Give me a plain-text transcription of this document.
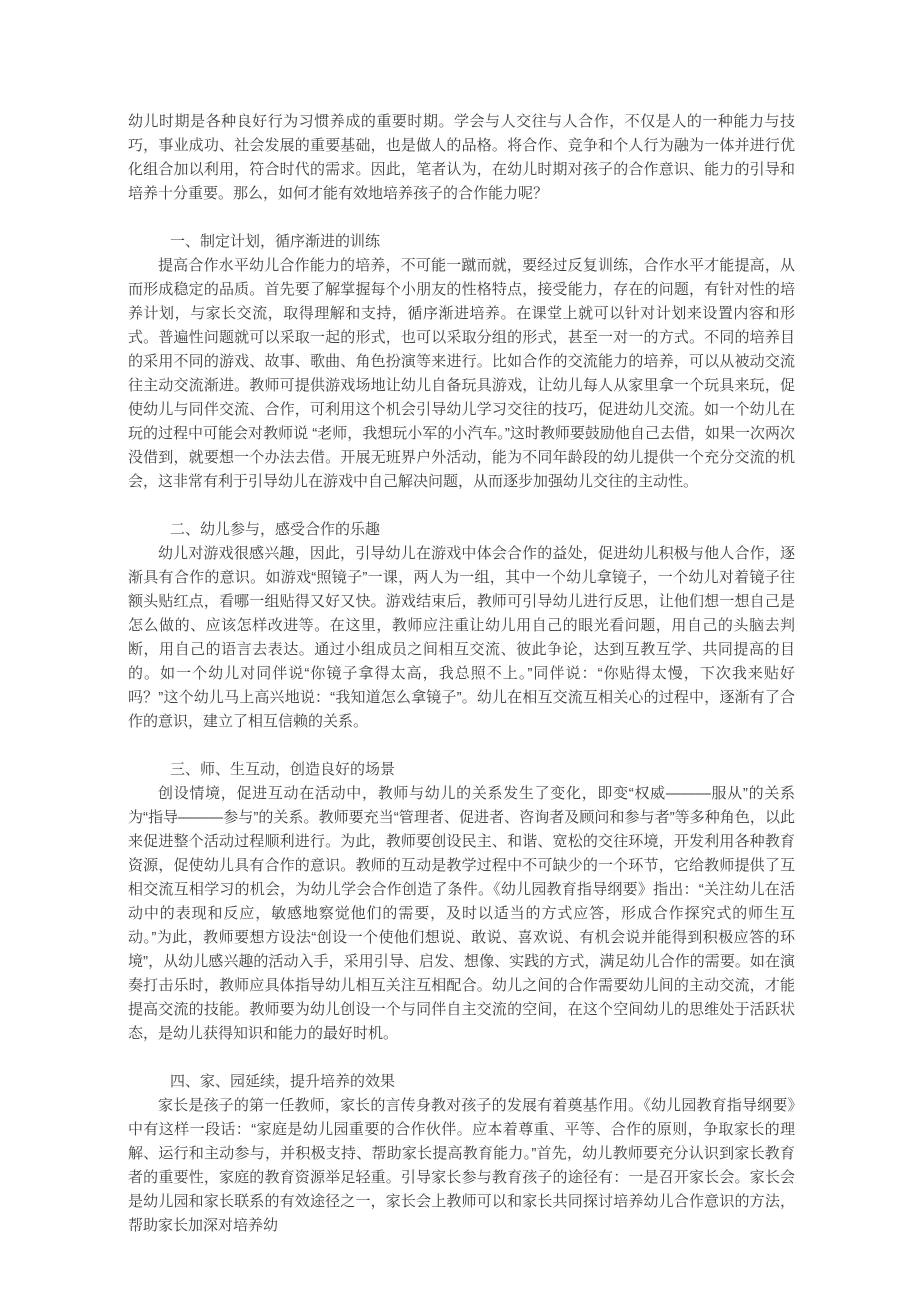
幼儿时期是各种良好行为习惯养成的重要时期。学会与人交往与人合作，不仅是人的一种能力与技巧，事业成功、社会发展的重要基础，也是做人的品格。将合作、竞争和个人行为融为一体并进行优化组合加以利用，符合时代的需求。因此，笔者认为，在幼儿时期对孩子的合作意识、能力的引导和培养十分重要。那么，如何才能有效地培养孩子的合作能力呢？

一、制定计划，循序渐进的训练

提高合作水平幼儿合作能力的培养，不可能一蹴而就，要经过反复训练，合作水平才能提高，从而形成稳定的品质。首先要了解掌握每个小朋友的性格特点，接受能力，存在的问题，有针对性的培养计划，与家长交流，取得理解和支持，循序渐进培养。在课堂上就可以针对计划来设置内容和形式。普遍性问题就可以采取一起的形式，也可以采取分组的形式，甚至一对一的方式。不同的培养目的采用不同的游戏、故事、歌曲、角色扮演等来进行。比如合作的交流能力的培养，可以从被动交流往主动交流渐进。教师可提供游戏场地让幼儿自备玩具游戏，让幼儿每人从家里拿一个玩具来玩，促使幼儿与同伴交流、合作，可利用这个机会引导幼儿学习交往的技巧，促进幼儿交流。如一个幼儿在玩的过程中可能会对教师说 “老师，我想玩小军的小汽车。”这时教师要鼓励他自己去借，如果一次两次没借到，就要想一个办法去借。开展无班界户外活动，能为不同年龄段的幼儿提供一个充分交流的机会，这非常有利于引导幼儿在游戏中自己解决问题，从而逐步加强幼儿交往的主动性。

二、幼儿参与，感受合作的乐趣

幼儿对游戏很感兴趣，因此，引导幼儿在游戏中体会合作的益处，促进幼儿积极与他人合作，逐渐具有合作的意识。如游戏“照镜子”一课，两人为一组，其中一个幼儿拿镜子，一个幼儿对着镜子往额头贴红点，看哪一组贴得又好又快。游戏结束后，教师可引导幼儿进行反思，让他们想一想自己是怎么做的、应该怎样改进等。在这里，教师应注重让幼儿用自己的眼光看问题，用自己的头脑去判断，用自己的语言去表达。通过小组成员之间相互交流、彼此争论，达到互教互学、共同提高的目的。如一个幼儿对同伴说“你镜子拿得太高，我总照不上。”同伴说：“你贴得太慢，下次我来贴好吗？”这个幼儿马上高兴地说：“我知道怎么拿镜子”。幼儿在相互交流互相关心的过程中，逐渐有了合作的意识，建立了相互信赖的关系。

三、师、生互动，创造良好的场景

创设情境，促进互动在活动中，教师与幼儿的关系发生了变化，即变“权威———服从”的关系为“指导———参与”的关系。教师要充当“管理者、促进者、咨询者及顾问和参与者”等多种角色，以此来促进整个活动过程顺利进行。为此，教师要创设民主、和谐、宽松的交往环境，开发利用各种教育资源，促使幼儿具有合作的意识。教师的互动是教学过程中不可缺少的一个环节，它给教师提供了互相交流互相学习的机会，为幼儿学会合作创造了条件。《幼儿园教育指导纲要》指出：“关注幼儿在活动中的表现和反应，敏感地察觉他们的需要，及时以适当的方式应答，形成合作探究式的师生互动。”为此，教师要想方设法“创设一个使他们想说、敢说、喜欢说、有机会说并能得到积极应答的环境”，从幼儿感兴趣的活动入手，采用引导、启发、想像、实践的方式，满足幼儿合作的需要。如在演奏打击乐时，教师应具体指导幼儿相互关注互相配合。幼儿之间的合作需要幼儿间的主动交流，才能提高交流的技能。教师要为幼儿创设一个与同伴自主交流的空间，在这个空间幼儿的思维处于活跃状态，是幼儿获得知识和能力的最好时机。

四、家、园延续，提升培养的效果

家长是孩子的第一任教师，家长的言传身教对孩子的发展有着奠基作用。《幼儿园教育指导纲要》中有这样一段话：“家庭是幼儿园重要的合作伙伴。应本着尊重、平等、合作的原则，争取家长的理解、运行和主动参与，并积极支持、帮助家长提高教育能力。”首先，幼儿教师要充分认识到家长教育者的重要性，家庭的教育资源举足轻重。引导家长参与教育孩子的途径有：一是召开家长会。家长会是幼儿园和家长联系的有效途径之一，家长会上教师可以和家长共同探讨培养幼儿合作意识的方法，帮助家长加深对培养幼
